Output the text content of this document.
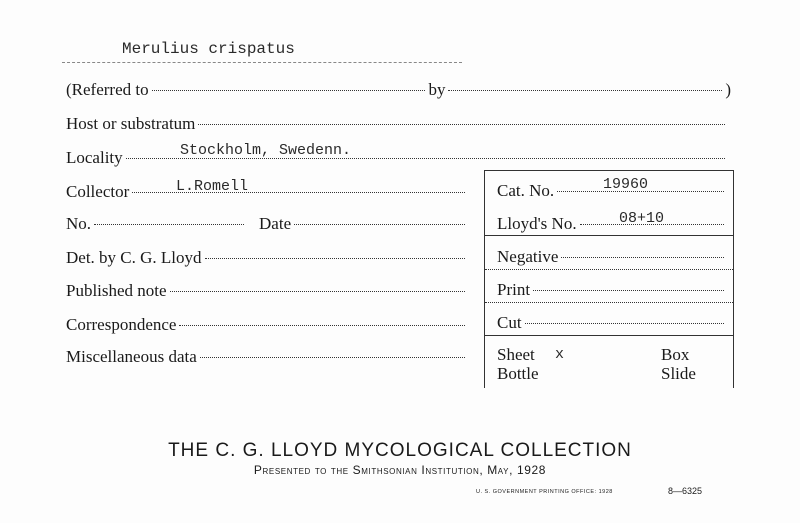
Merulius crispatus
(Referred to	by	)
Host or substratum
Locality	Stockholm, Swedenn.
Collector	L.Romell
No.	Date
Det. by C. G. Lloyd
Published note
Correspondence
Miscellaneous data
Cat. No.	19960
Lloyd's No.	08+10
Negative
Print
Cut
Sheet x	Box
Bottle	Slide
THE C. G. LLOYD MYCOLOGICAL COLLECTION
Presented to the Smithsonian Institution, May, 1928
U. S. GOVERNMENT PRINTING OFFICE: 1928	8—6325
